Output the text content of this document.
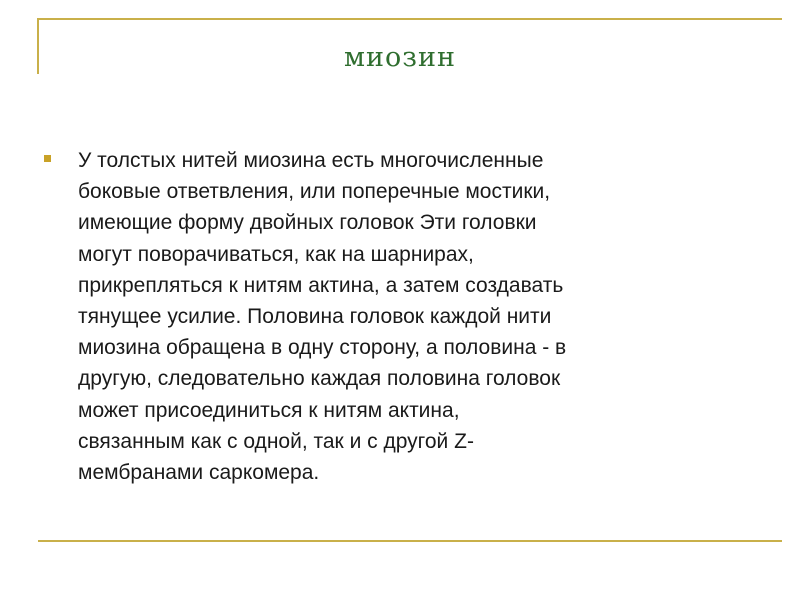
миозин
У толстых нитей миозина есть многочисленные
боковые ответвления, или поперечные мостики,
имеющие форму двойных головок Эти головки
могут поворачиваться, как на шарнирах,
прикрепляться к нитям актина, а затем создавать
тянущее усилие. Половина головок каждой нити
миозина обращена в одну сторону, а половина - в
другую, следовательно каждая половина головок
может присоединиться к нитям актина,
связанным как с одной, так и с другой Z-
мембранами саркомера.
